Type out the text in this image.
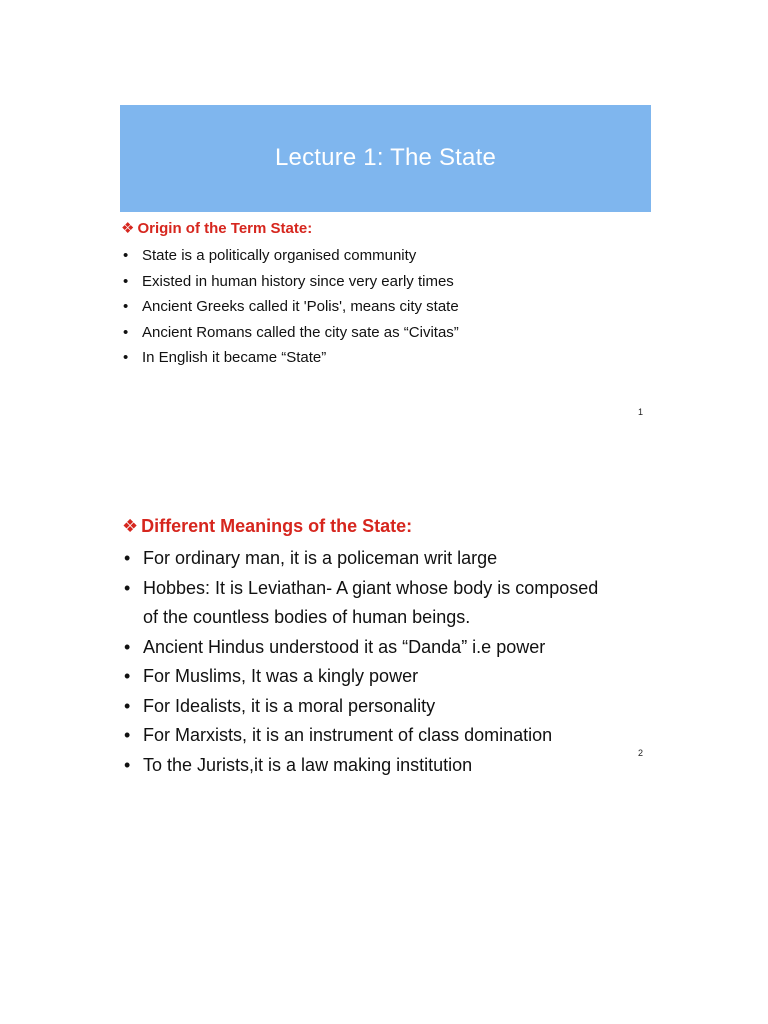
Lecture 1: The State
❖ Origin of the Term State:
• State is a politically organised community
• Existed in human history since very early times
• Ancient Greeks called it 'Polis', means city state
• Ancient Romans called the city sate as “Civitas”
• In English it became “State”
1
❖ Different Meanings of the State:
• For ordinary man, it is a policeman writ large
• Hobbes: It is Leviathan- A giant whose body is composed
of the countless bodies of human beings.
• Ancient Hindus understood it as “Danda” i.e power
• For Muslims, It was a kingly power
• For Idealists, it is a moral personality
• For Marxists, it is an instrument of class domination
• To the Jurists,it is a law making institution
2
